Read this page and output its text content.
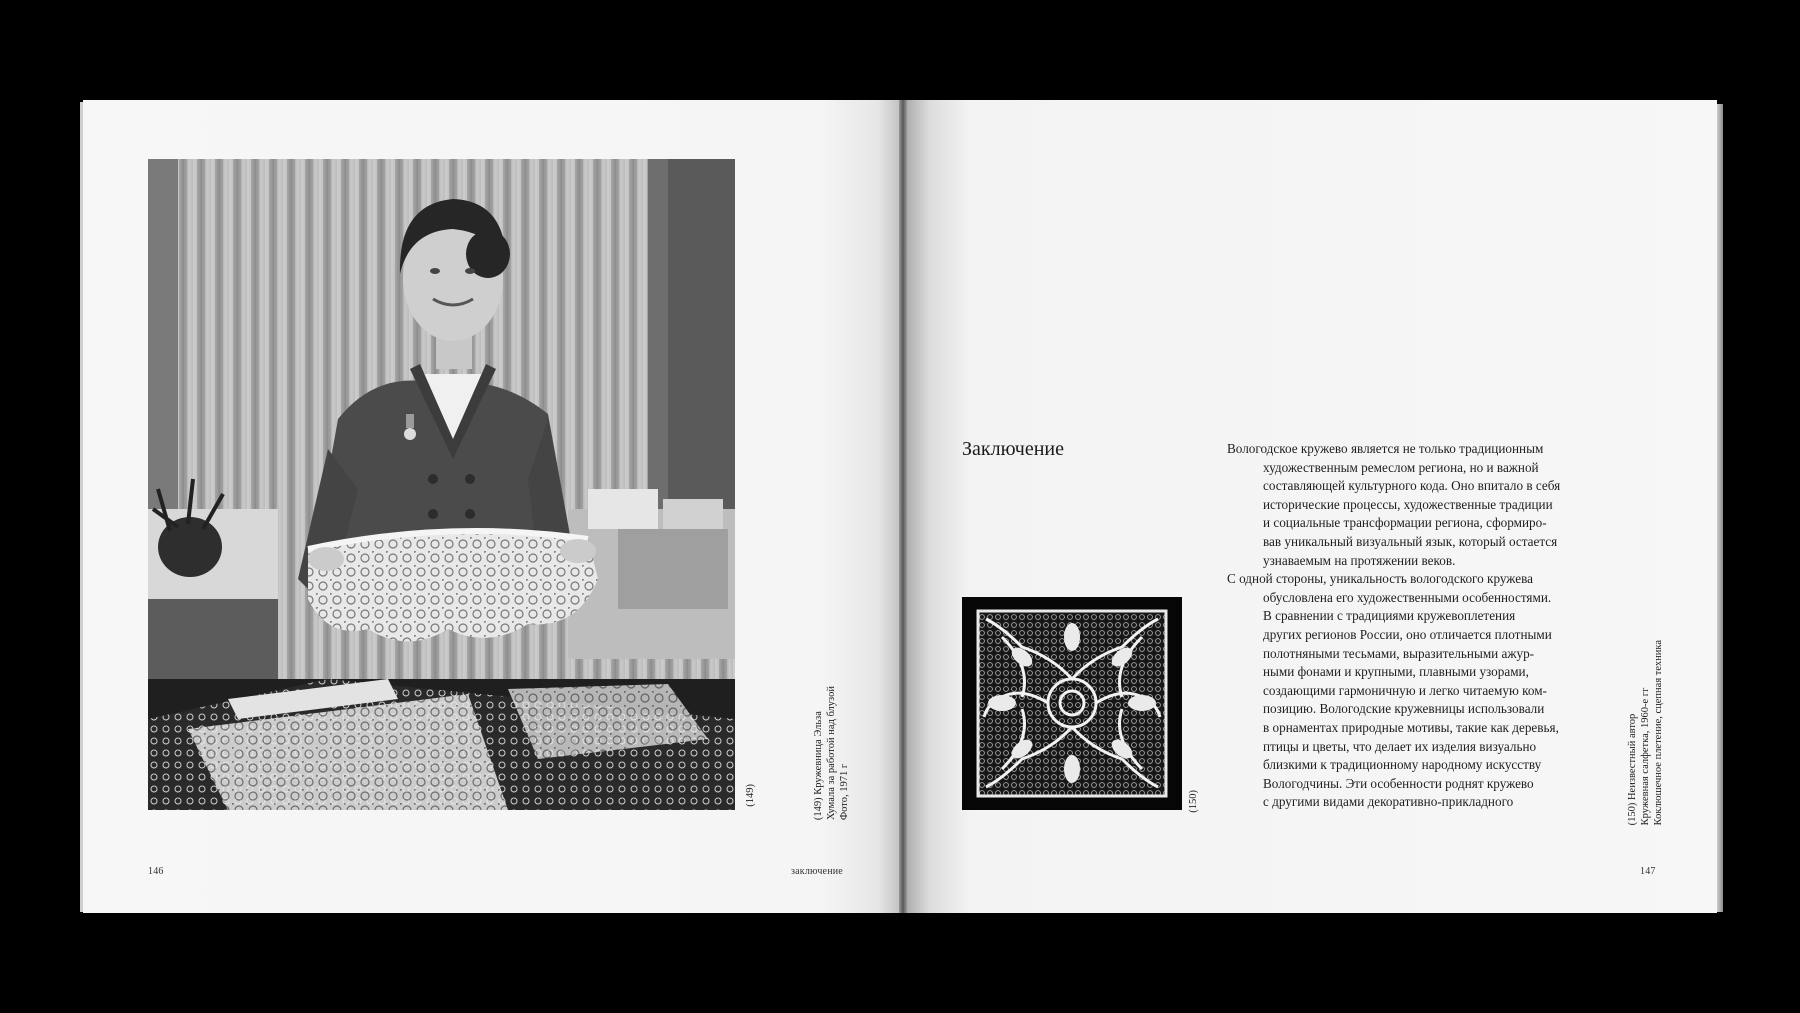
(149)	(149) Кружевница Эльза Хумала за работой над блузой Фото, 1971 г
146	заключение
Заключение
(150)	(150) Неизвестный автор Кружевная салфетка, 1960-е гг Коклюшечное плетение, сцепная техника
Вологодское кружево является не только традиционным
художественным ремеслом региона, но и важной
составляющей культурного кода. Оно впитало в себя
исторические процессы, художественные традиции
и социальные трансформации региона, сформиро-
вав уникальный визуальный язык, который остается
узнаваемым на протяжении веков.
С одной стороны, уникальность вологодского кружева
обусловлена его художественными особенностями.
В сравнении с традициями кружевоплетения
других регионов России, оно отличается плотными
полотняными тесьмами, выразительными ажур-
ными фонами и крупными, плавными узорами,
создающими гармоничную и легко читаемую ком-
позицию. Вологодские кружевницы использовали
в орнаментах природные мотивы, такие как деревья,
птицы и цветы, что делает их изделия визуально
близкими к традиционному народному искусству
Вологодчины. Эти особенности роднят кружево
с другими видами декоративно-прикладного
147
